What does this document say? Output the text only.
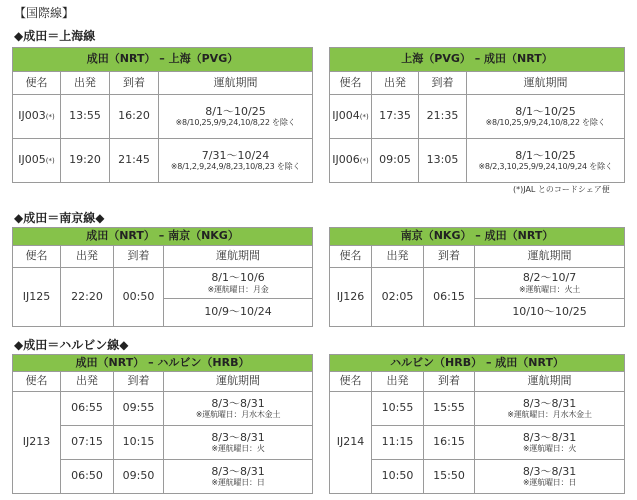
【国際線】
◆成田＝上海線
成田（NRT） – 上海（PVG）			
便名	出発	到着	運航期間
IJ003(*)	13:55	16:20	8/1～10/25
※8/10,25,9/9,24,10/8,22 を除く

IJ005(*)	19:20	21:45	7/31～10/24
※8/1,2,9,24,9/8,23,10/8,23 を除く
上海（PVG） – 成田（NRT）			
便名	出発	到着	運航期間
IJ004(*)	17:35	21:35	8/1～10/25
※8/10,25,9/9,24,10/8,22 を除く

IJ006(*)	09:05	13:05	8/1～10/25
※8/2,3,10,25,9/9,24,10/9,24 を除く
(*)JAL とのコードシェア便
◆成田＝南京線◆
成田（NRT） – 南京（NKG）			
便名	出発	到着	運航期間
IJ125	22:20	00:50	8/1～10/6
※運航曜日：月金

			10/9～10/24
南京（NKG） – 成田（NRT）			
便名	出発	到着	運航期間
IJ126	02:05	06:15	8/2～10/7
※運航曜日：火土

			10/10～10/25
◆成田＝ハルビン線◆
成田（NRT） – ハルビン（HRB）			
便名	出発	到着	運航期間
IJ213	06:55	09:55	8/3～8/31
※運航曜日：月水木金土

	07:15	10:15	8/3～8/31
※運航曜日：火

	06:50	09:50	8/3～8/31
※運航曜日：日
ハルビン（HRB） – 成田（NRT）			
便名	出発	到着	運航期間
IJ214	10:55	15:55	8/3～8/31
※運航曜日：月水木金土

	11:15	16:15	8/3～8/31
※運航曜日：火

	10:50	15:50	8/3～8/31
※運航曜日：日
